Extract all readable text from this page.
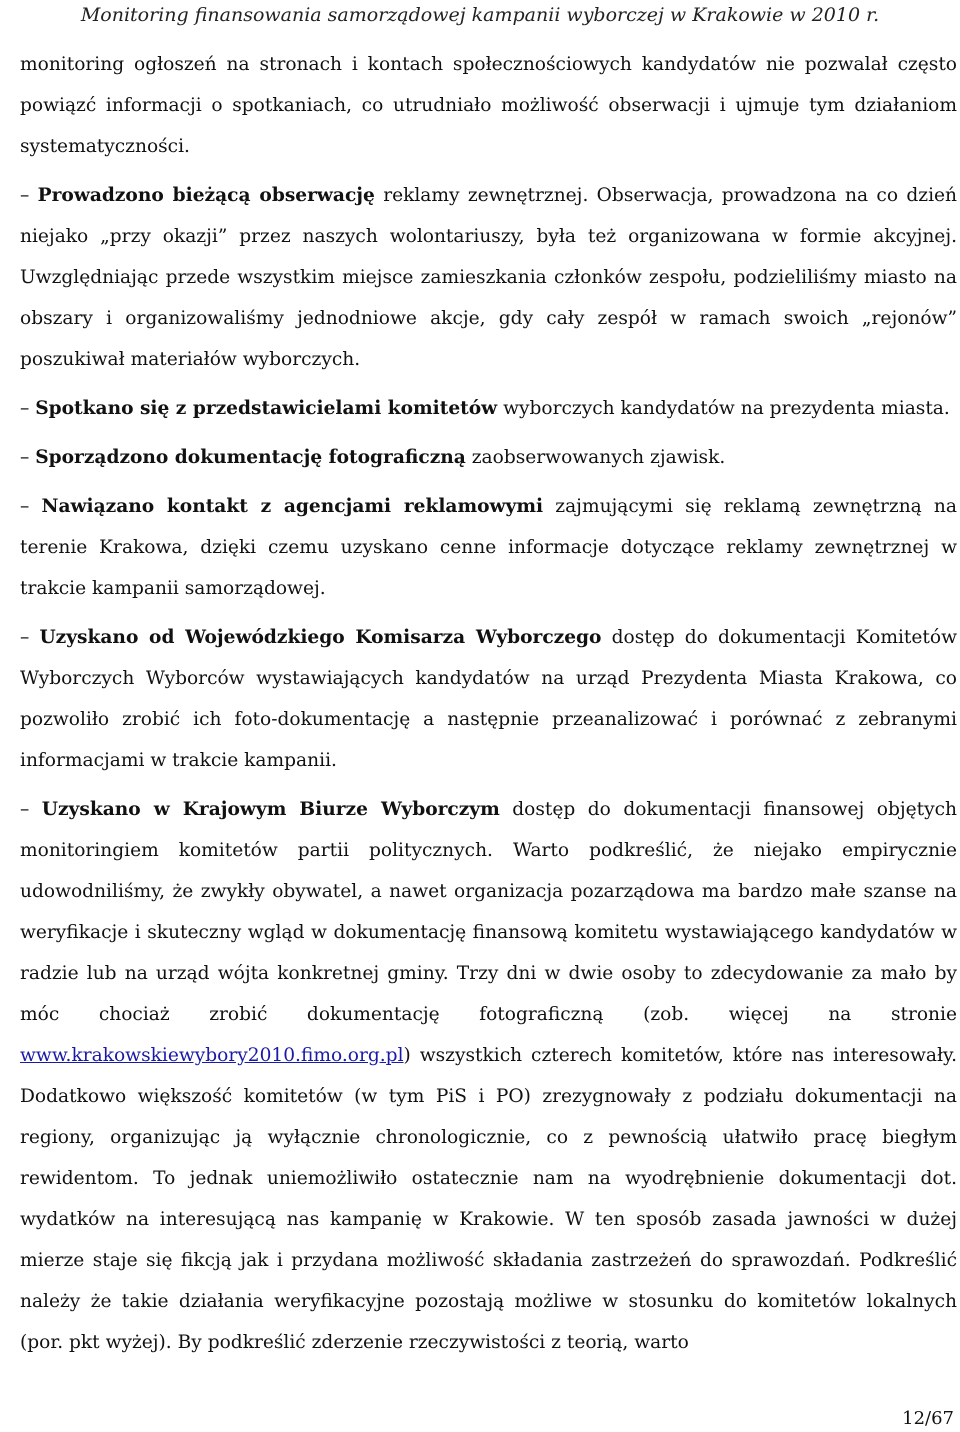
Monitoring finansowania samorządowej kampanii wyborczej w Krakowie w 2010 r.

monitoring ogłoszeń na stronach i kontach społecznościowych kandydatów nie pozwalał często powiązć informacji o spotkaniach, co utrudniało możliwość obserwacji i ujmuje tym działaniom systematyczności.

– Prowadzono bieżącą obserwację reklamy zewnętrznej. Obserwacja, prowadzona na co dzień niejako „przy okazji” przez naszych wolontariuszy, była też organizowana w formie akcyjnej. Uwzględniając przede wszystkim miejsce zamieszkania członków zespołu, podzieliliśmy miasto na obszary i organizowaliśmy jednodniowe akcje, gdy cały zespół w ramach swoich „rejonów” poszukiwał materiałów wyborczych.

– Spotkano się z przedstawicielami komitetów wyborczych kandydatów na prezydenta miasta.

– Sporządzono dokumentację fotograficzną zaobserwowanych zjawisk.

– Nawiązano kontakt z agencjami reklamowymi zajmującymi się reklamą zewnętrzną na terenie Krakowa, dzięki czemu uzyskano cenne informacje dotyczące reklamy zewnętrznej w trakcie kampanii samorządowej.

– Uzyskano od Wojewódzkiego Komisarza Wyborczego dostęp do dokumentacji Komitetów Wyborczych Wyborców wystawiających kandydatów na urząd Prezydenta Miasta Krakowa, co pozwoliło zrobić ich foto-dokumentację a następnie przeanalizować i porównać z zebranymi informacjami w trakcie kampanii.

– Uzyskano w Krajowym Biurze Wyborczym dostęp do dokumentacji finansowej objętych monitoringiem komitetów partii politycznych. Warto podkreślić, że niejako empirycznie udowodniliśmy, że zwykły obywatel, a nawet organizacja pozarządowa ma bardzo małe szanse na weryfikacje i skuteczny wgląd w dokumentację finansową komitetu wystawiającego kandydatów w radzie lub na urząd wójta konkretnej gminy. Trzy dni w dwie osoby to zdecydowanie za mało by móc chociaż zrobić dokumentację fotograficzną (zob. więcej na stronie www.krakowskiewybory2010.fimo.org.pl) wszystkich czterech komitetów, które nas interesowały. Dodatkowo większość komitetów (w tym PiS i PO) zrezygnowały z podziału dokumentacji na regiony, organizując ją wyłącznie chronologicznie, co z pewnością ułatwiło pracę biegłym rewidentom. To jednak uniemożliwiło ostatecznie nam na wyodrębnienie dokumentacji dot. wydatków na interesującą nas kampanię w Krakowie. W ten sposób zasada jawności w dużej mierze staje się fikcją jak i przydana możliwość składania zastrzeżeń do sprawozdań. Podkreślić należy że takie działania weryfikacyjne pozostają możliwe w stosunku do komitetów lokalnych (por. pkt wyżej). By podkreślić zderzenie rzeczywistości z teorią, warto

12/67
